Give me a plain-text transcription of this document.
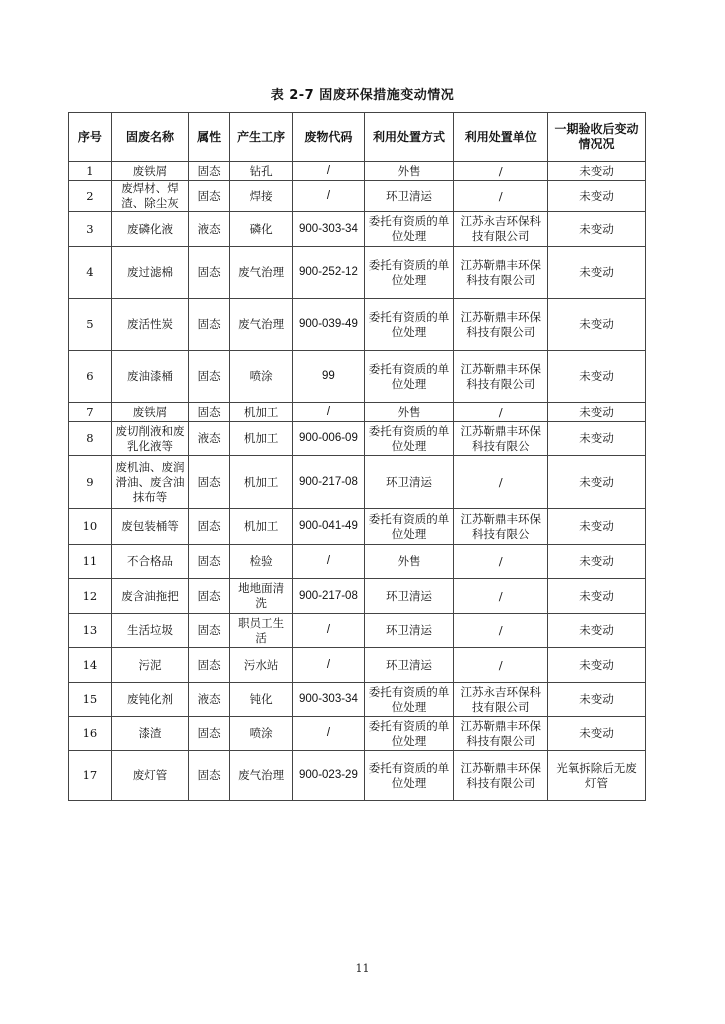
表 2-7 固废环保措施变动情况
序号	固废名称	属性	产生工序	废物代码	利用处置方式	利用处置单位	一期验收后变动情况况
1	废铁屑	固态	钻孔	/	外售	/	未变动
2	废焊材、焊渣、除尘灰	固态	焊接	/	环卫清运	/	未变动
3	废磷化液	液态	磷化	900-303-34	委托有资质的单位处理	江苏永吉环保科技有限公司	未变动
4	废过滤棉	固态	废气治理	900-252-12	委托有资质的单位处理	江苏靳鼎丰环保 科技有限公司	未变动
5	废活性炭	固态	废气治理	900-039-49	委托有资质的单位处理	江苏靳鼎丰环保科技有限公司	未变动
6	废油漆桶	固态	喷涂	99	委托有资质的单位处理	江苏靳鼎丰环保科技有限公司	未变动
7	废铁屑	固态	机加工	/	外售	/	未变动
8	废切削液和废乳化液等	液态	机加工	900-006-09	委托有资质的单位处理	江苏靳鼎丰环保科技有限公	未变动
9	废机油、废润滑油、废含油抹布等	固态	机加工	900-217-08	环卫清运	/	未变动
10	废包装桶等	固态	机加工	900-041-49	委托有资质的单位处理	江苏靳鼎丰环保科技有限公	未变动
11	不合格品	固态	检验	/	外售	/	未变动
12	废含油拖把	固态	地地面清洗	900-217-08	环卫清运	/	未变动
13	生活垃圾	固态	职员工生活	/	环卫清运	/	未变动
14	污泥	固态	污水站	/	环卫清运	/	未变动
15	废钝化剂	液态	钝化	900-303-34	委托有资质的单位处理	江苏永吉环保科技有限公司	未变动
16	漆渣	固态	喷涂	/	委托有资质的单位处理	江苏靳鼎丰环保科技有限公司	未变动
17	废灯管	固态	废气治理	900-023-29	委托有资质的单位处理	江苏靳鼎丰环保科技有限公司	光氧拆除后无废灯管
11
